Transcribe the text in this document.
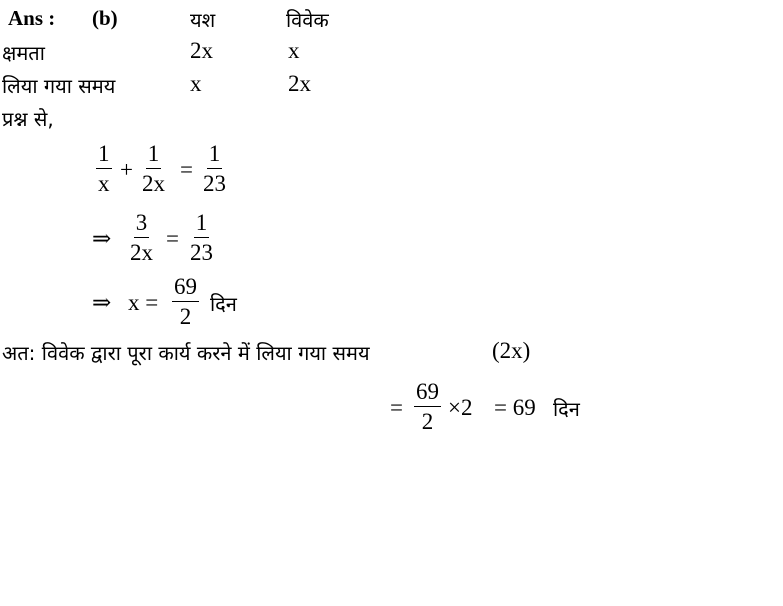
Ans : (b)	यश	विवेक
क्षमता	2x	x
लिया गया समय	x	2x
प्रश्न से,
$\frac{1}{x} + \frac{1}{2x} = \frac{1}{23}$
⇒ $\frac{3}{2x} = \frac{1}{23}$
⇒ $x = \frac{69}{2}$ दिन
अत: विवेक द्वारा पूरा कार्य करने में लिया गया समय	(2x)
= $\frac{69}{2} \times 2 = 69$ दिन
